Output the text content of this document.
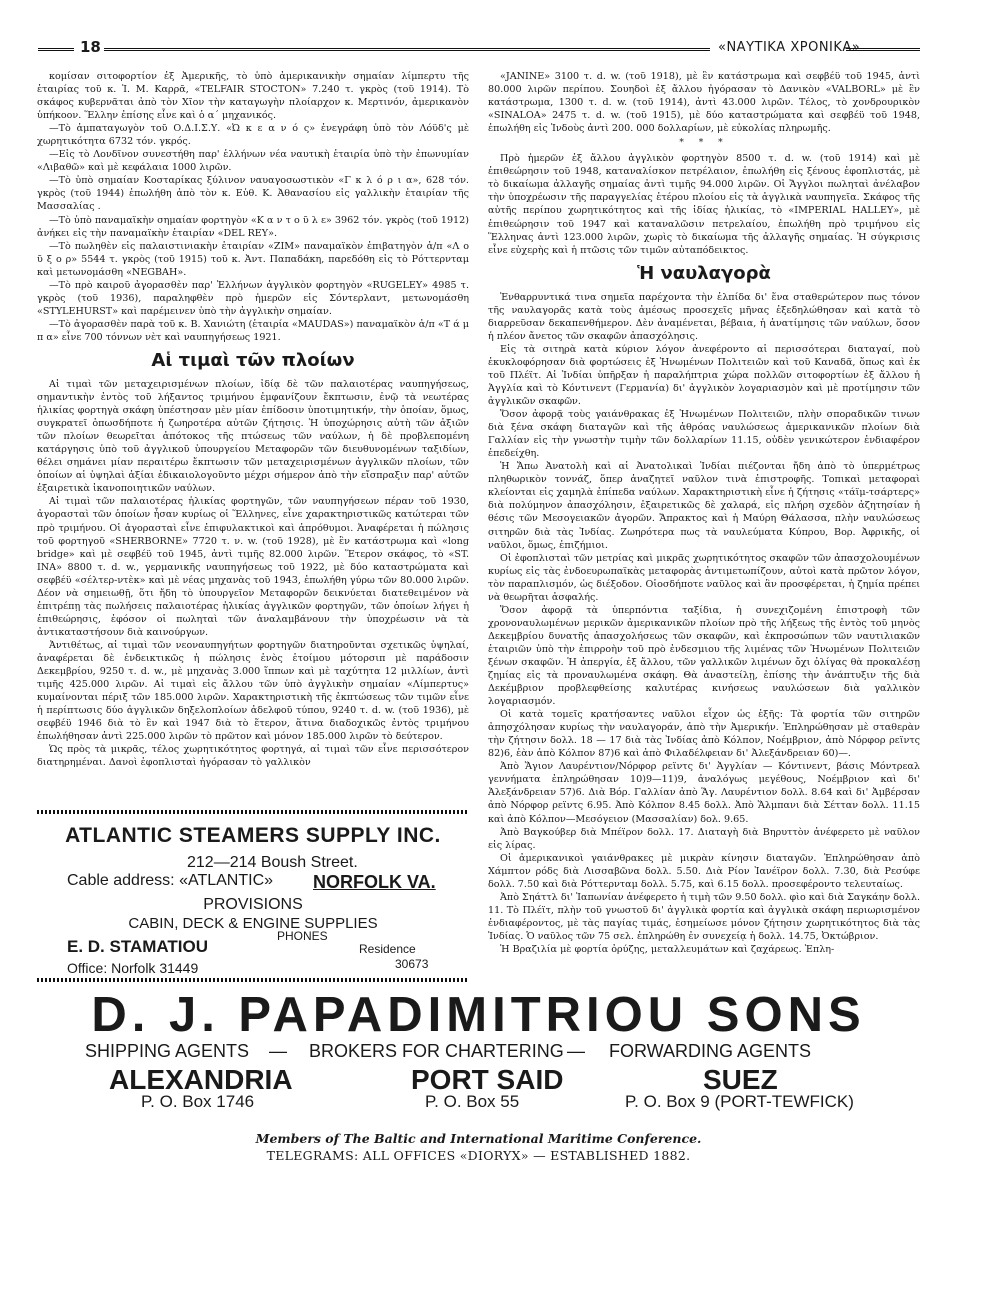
18	«ΝΑΥΤΙΚΑ ΧΡΟΝΙΚΑ»

κομίσαν σιτοφορτίον ἐξ Ἀμερικῆς, τὸ ὑπὸ ἀμερικανικὴν σημαίαν λίμπερτυ τῆς ἑταιρίας τοῦ κ. Ἰ. Μ. Καρρᾶ, «TELFAIR STOCTON» 7.240 τ. γκρὸς (τοῦ 1914). Τὸ σκάφος κυβερνᾶται ἀπὸ τὸν Χῖον τὴν καταγωγὴν πλοίαρχον κ. Μερτινόν, ἀμερικανὸν ὑπήκοον. Ἕλλην ἐπίσης εἶνε καὶ ὁ α΄ μηχανικός.

—Τὸ ἀμπαταγωγὸν τοῦ Ο.Δ.Ι.Σ.Υ. «Ὠ κ ε α ν ό ς» ἐνεγράφη ὑπὸ τὸν Λόϋδ'ς μὲ χωρητικότητα 6732 τόν. γκρός.

—Εἰς τὸ Λονδῖνον συνεστήθη παρ' ἑλλήνων νέα ναυτικὴ ἑταιρία ὑπὸ τὴν ἐπωνυμίαν «Λιβαθῶ» καὶ μὲ κεφάλαια 1000 λιρῶν.

—Τὸ ὑπὸ σημαίαν Κοσταρίκας ξύλινον ναυαγοσωστικὸν «Γ κ λ ό ρ ι α», 628 τόν. γκρὸς (τοῦ 1944) ἐπωλήθη ἀπὸ τὸν κ. Εὐθ. Κ. Ἀθανασίου εἰς γαλλικὴν ἑταιρίαν τῆς Μασσαλίας .

—Τὸ ὑπὸ παναμαϊκὴν σημαίαν φορτηγὸν «Κ α ν τ ο ῦ λ ε» 3962 τόν. γκρὸς (τοῦ 1912) ἀνήκει εἰς τὴν παναμαϊκὴν ἑταιρίαν «DEL REY».

—Τὸ πωληθὲν εἰς παλαιστινιακὴν ἑταιρίαν «ZIM» παναμαϊκὸν ἐπιβατηγὸν ἀ/π «Λ ο ῦ ξ ο ρ» 5544 τ. γκρὸς (τοῦ 1915) τοῦ κ. Ἀντ. Παπαδάκη, παρεδόθη εἰς τὸ Ρόττερνταμ καὶ μετωνομάσθη «NEGBAH».

—Τὸ πρὸ καιροῦ ἀγορασθὲν παρ' Ἑλλήνων ἀγγλικὸν φορτηγὸν «RUGELEY» 4985 τ. γκρὸς (τοῦ 1936), παραληφθὲν πρὸ ἡμερῶν εἰς Σόντερλαντ, μετωνομάσθη «STYLEHURST» καὶ παρέμεινεν ὑπὸ τὴν ἀγγλικὴν σημαίαν.

—Τὸ ἀγορασθὲν παρὰ τοῦ κ. Β. Χανιώτη (ἑταιρία «MAUDAS») παναμαϊκὸν ἀ/π «Τ ά μ π α» εἶνε 700 τόννων νὲτ καὶ ναυπηγήσεως 1921.

Αἱ τιμαὶ τῶν πλοίων

Αἱ τιμαὶ τῶν μεταχειρισμένων πλοίων, ἰδίᾳ δὲ τῶν παλαιοτέρας ναυπηγήσεως, σημαντικὴν ἐντὸς τοῦ λήξαντος τριμήνου ἐμφανίζουν ἔκπτωσιν, ἐνῷ τὰ νεωτέρας ἡλικίας φορτηγὰ σκάφη ὑπέστησαν μὲν μίαν ἐπίδοσιν ὑποτιμητικήν, τὴν ὁποίαν, ὅμως, συγκρατεῖ ὁπωσδήποτε ἡ ζωηροτέρα αὐτῶν ζήτησις. Ἡ ὑποχώρησις αὐτὴ τῶν ἀξιῶν τῶν πλοίων θεωρεῖται ἀπότοκος τῆς πτώσεως τῶν ναύλων, ἡ δὲ προβλεπομένη κατάργησις ὑπὸ τοῦ ἀγγλικοῦ ὑπουργείου Μεταφορῶν τῶν διευθυνομένων ταξιδίων, θέλει σημάνει μίαν περαιτέρω ἔκπτωσιν τῶν μεταχειρισμένων ἀγγλικῶν πλοίων, τῶν ὁποίων αἱ ὑψηλαὶ ἀξίαι ἐδικαιολογοῦντο μέχρι σήμερον ἀπὸ τὴν εἴσπραξιν παρ' αὐτῶν ἐξαιρετικὰ ἱκανοποιητικῶν ναύλων.

Αἱ τιμαὶ τῶν παλαιοτέρας ἡλικίας φορτηγῶν, τῶν ναυπηγήσεων πέραν τοῦ 1930, ἀγορασταὶ τῶν ὁποίων ἦσαν κυρίως οἱ Ἕλληνες, εἶνε χαρακτηριστικῶς κατώτεραι τῶν πρὸ τριμήνου. Οἱ ἀγορασταὶ εἶνε ἐπιφυλακτικοὶ καὶ ἀπρόθυμοι. Ἀναφέρεται ἡ πώλησις τοῦ φορτηγοῦ «SHERBORNE» 7720 τ. ν. w. (τοῦ 1928), μὲ ἓν κατάστρωμα καὶ «long bridge» καὶ μὲ σεφβέϋ τοῦ 1945, ἀντὶ τιμῆς 82.000 λιρῶν. Ἕτερον σκάφος, τὸ «ST. INA» 8800 τ. d. w., γερμανικῆς ναυπηγήσεως τοῦ 1922, μὲ δύο καταστρώματα καὶ σεφβέϋ «σέλτερ-ντὲκ» καὶ μὲ νέας μηχανὰς τοῦ 1943, ἐπωλήθη γύρω τῶν 80.000 λιρῶν. Δέον νὰ σημειωθῇ, ὅτι ἤδη τὸ ὑπουργεῖον Μεταφορῶν δεικνύεται διατεθειμένον νὰ ἐπιτρέπῃ τὰς πωλήσεις παλαιοτέρας ἡλικίας ἀγγλικῶν φορτηγῶν, τῶν ὁποίων λήγει ἡ ἐπιθεώρησις, ἐφόσον οἱ πωληταὶ τῶν ἀναλαμβάνουν τὴν ὑποχρέωσιν νὰ τὰ ἀντικαταστήσουν διὰ καινούργων.

Ἀντιθέτως, αἱ τιμαὶ τῶν νεοναυπηγήτων φορτηγῶν διατηροῦνται σχετικῶς ὑψηλαί, ἀναφέρεται δὲ ἐνδεικτικῶς ἡ πώλησις ἑνὸς ἑτοίμου μότορσιπ μὲ παράδοσιν Δεκεμβρίου, 9250 τ. d. w., μὲ μηχανὰς 3.000 ἵππων καὶ μὲ ταχύτητα 12 μιλλίων, ἀντὶ τιμῆς 425.000 λιρῶν. Αἱ τιμαὶ εἰς ἄλλου τῶν ὑπὸ ἀγγλικὴν σημαίαν «Λίμπερτυς» κυμαίνονται πέριξ τῶν 185.000 λιρῶν. Χαρακτηριστικὴ τῆς ἐκπτώσεως τῶν τιμῶν εἶνε ἡ περίπτωσις δύο ἀγγλικῶν δηξελοπλοίων ἀδελφοῦ τύπου, 9240 τ. d. w. (τοῦ 1936), μὲ σεφβέϋ 1946 διὰ τὸ ἓν καὶ 1947 διὰ τὸ ἕτερον, ἅτινα διαδοχικῶς ἐντὸς τριμήνου ἐπωλήθησαν ἀντὶ 225.000 λιρῶν τὸ πρῶτον καὶ μόνον 185.000 λιρῶν τὸ δεύτερον.

Ὡς πρὸς τὰ μικρᾶς, τέλος χωρητικότητος φορτηγά, αἱ τιμαὶ τῶν εἶνε περισσότερον διατηρημέναι. Δανοὶ ἐφοπλισταὶ ἠγόρασαν τὸ γαλλικὸν

«JANINE» 3100 τ. d. w. (τοῦ 1918), μὲ ἓν κατάστρωμα καὶ σεφβέϋ τοῦ 1945, ἀντὶ 80.000 λιρῶν περίπου. Σουηδοὶ ἐξ ἄλλου ἠγόρασαν τὸ Δανικὸν «VALBORL» μὲ ἓν κατάστρωμα, 1300 τ. d. w. (τοῦ 1914), ἀντὶ 43.000 λιρῶν. Τέλος, τὸ χονδρουρικὸν «SINALOA» 2475 τ. d. w. (τοῦ 1915), μὲ δύο καταστρώματα καὶ σεφβέϋ τοῦ 1948, ἐπωλήθη εἰς Ἰνδοὺς ἀντὶ 200. 000 δολλαρίων, μὲ εὐκολίας πληρωμῆς.

* * *

Πρὸ ἡμερῶν ἐξ ἄλλου ἀγγλικὸν φορτηγὸν 8500 τ. d. w. (τοῦ 1914) καὶ μὲ ἐπιθεώρησιν τοῦ 1948, καταναλίσκον πετρέλαιον, ἐπωλήθη εἰς ξένους ἐφοπλιστάς, μὲ τὸ δικαίωμα ἀλλαγῆς σημαίας ἀντὶ τιμῆς 94.000 λιρῶν. Οἱ Ἄγγλοι πωληταὶ ἀνέλαβον τὴν ὑποχρέωσιν τῆς παραγγελίας ἑτέρου πλοίου εἰς τὰ ἀγγλικὰ ναυπηγεῖα. Σκάφος τῆς αὐτῆς περίπου χωρητικότητος καὶ τῆς ἰδίας ἡλικίας, τὸ «IMPERIAL HALLEY», μὲ ἐπιθεώρησιν τοῦ 1947 καὶ καταναλῶσιν πετρελαίου, ἐπωλήθη πρὸ τριμήνου εἰς Ἕλληνας ἀντὶ 123.000 λιρῶν, χωρὶς τὸ δικαίωμα τῆς ἀλλαγῆς σημαίας. Ἡ σύγκρισις εἶνε εὐχερὴς καὶ ἡ πτῶσις τῶν τιμῶν αὐταπόδεικτος.

Ἡ ναυλαγορὰ

Ἐνθαρρυντικά τινα σημεῖα παρέχοντα τὴν ἐλπίδα δι' ἕνα σταθερώτερον πως τόνον τῆς ναυλαγορᾶς κατὰ τοὺς ἀμέσως προσεχεῖς μῆνας ἐξεδηλώθησαν καὶ κατὰ τὸ διαρρεῦσαν δεκαπενθήμερον. Δὲν ἀναμένεται, βέβαια, ἡ ἀνατίμησις τῶν ναύλων, ὅσον ἡ πλέον ἄνετος τῶν σκαφῶν ἀπασχόλησις.

Εἰς τὰ σιτηρὰ κατὰ κύριον λόγον ἀνεφέροντο αἱ περισσότεραι διαταγαί, ποὺ ἐκυκλοφόρησαν διὰ φορτώσεις ἐξ Ἡνωμένων Πολιτειῶν καὶ τοῦ Καναδᾶ, ὅπως καὶ ἐκ τοῦ Πλέϊτ. Αἱ Ἰνδίαι ὑπῆρξαν ἡ παραλήπτρια χώρα πολλῶν σιτοφορτίων ἐξ ἄλλου ἡ Ἀγγλία καὶ τὸ Κόντινεντ (Γερμανία) δι' ἀγγλικὸν λογαριασμὸν καὶ μὲ προτίμησιν τῶν ἀγγλικῶν σκαφῶν.

Ὅσον ἀφορᾷ τοὺς γαιάνθρακας ἐξ Ἡνωμένων Πολιτειῶν, πλὴν σποραδικῶν τινων διὰ ξένα σκάφη διαταγῶν καὶ τῆς ἀθρόας ναυλώσεως ἀμερικανικῶν πλοίων διὰ Γαλλίαν εἰς τὴν γνωστὴν τιμὴν τῶν δολλαρίων 11.15, οὐδὲν γενικώτερον ἐνδιαφέρον ἐπεδείχθη.

Ἡ Ἄπω Ἀνατολὴ καὶ αἱ Ἀνατολικαὶ Ἰνδίαι πιέζονται ἤδη ἀπὸ τὸ ὑπερμέτρως πληθωρικὸν τοννάζ, ὅπερ ἀναζητεῖ ναῦλον τινὰ ἐπιστροφῆς. Τοπικαὶ μεταφοραὶ κλείονται εἰς χαμηλὰ ἐπίπεδα ναύλων. Χαρακτηριστικὴ εἶνε ἡ ζήτησις «τάϊμ-τσάρτερς» διὰ πολύμηνον ἀπασχόλησιν, ἐξαιρετικῶς δὲ χαλαρά, εἰς πλήρη σχεδὸν ἀζητησίαν ἡ θέσις τῶν Μεσογειακῶν ἀγορῶν. Ἄπρακτος καὶ ἡ Μαύρη Θάλασσα, πλὴν ναυλώσεως σιτηρῶν διὰ τὰς Ἰνδίας. Ζωηρότερα πως τὰ ναυλεύματα Κύπρου, Βορ. Ἀφρικῆς, οἱ ναῦλοι, ὅμως, ἐπιζήμιοι.

Οἱ ἐφοπλισταὶ τῶν μετρίας καὶ μικρᾶς χωρητικότητος σκαφῶν τῶν ἀπασχολουμένων κυρίως εἰς τὰς ἐνδοευρωπαϊκὰς μεταφορὰς ἀντιμετωπίζουν, αὐτοὶ κατὰ πρῶτον λόγον, τὸν παραπλισμόν, ὡς διέξοδον. Οἱοσδήποτε ναῦλος καὶ ἂν προσφέρεται, ἡ ζημία πρέπει νὰ θεωρῆται ἀσφαλής.

Ὅσον ἀφορᾷ τὰ ὑπερπόντια ταξίδια, ἡ συνεχιζομένη ἐπιστροφὴ τῶν χρονοναυλωμένων μερικῶν ἀμερικανικῶν πλοίων πρὸ τῆς λήξεως τῆς ἐντὸς τοῦ μηνὸς Δεκεμβρίου δυνατῆς ἀπασχολήσεως τῶν σκαφῶν, καὶ ἐκπροσώπων τῶν ναυτιλιακῶν ἐταιριῶν ὑπὸ τὴν ἐπιρροὴν τοῦ πρὸ ἐνδεσμιου τῆς λιμένας τῶν Ἡνωμένων Πολιτειῶν ξένων σκαφῶν. Ἡ ἀπεργία, ἐξ ἄλλου, τῶν γαλλικῶν λιμένων ὄχι ὀλίγας θὰ προκαλέσῃ ζημίας εἰς τὰ προναυλωμένα σκάφη. Θὰ ἀναστείλῃ, ἐπίσης τὴν ἀνάπτυξιν τῆς διὰ Δεκέμβριον προβλεφθείσης καλυτέρας κινήσεως ναυλώσεων διὰ γαλλικὸν λογαριασμόν.

Οἱ κατὰ τομεῖς κρατήσαντες ναῦλοι εἶχον ὡς ἑξῆς: Τὰ φορτία τῶν σιτηρῶν ἀπησχόλησαν κυρίως τὴν ναυλαγοράν, ἀπὸ τὴν Ἀμερικήν. Ἐπληρώθησαν μὲ σταθερὰν τὴν ζήτησιν δολλ. 18 — 17 διὰ τὰς Ἰνδίας ἀπὸ Κόλπον, Νοέμβριον, ἀπὸ Νόρφορ ρεϊντς 82)6, ἐὰν ἀπὸ Κόλπον 87)6 καὶ ἀπὸ Φιλαδέλφειαν δι' Ἀλεξάνδρειαν 60)—.

Ἀπὸ Ἅγιον Λαυρέντιον/Νόρφορ ρεϊντς δι' Ἀγγλίαν — Κόντινεντ, βάσις Μόντρεαλ γεννήματα ἐπληρώθησαν 10)9—11)9, ἀναλόγως μεγέθους, Νοέμβριον καὶ δι' Ἀλεξάνδρειαν 57)6. Διὰ Βόρ. Γαλλίαν ἀπὸ Ἅγ. Λαυρέντιον δολλ. 8.64 καὶ δι' Ἀμβέρσαν ἀπὸ Νόρφορ ρεϊντς 6.95. Ἀπὸ Κόλπον 8.45 δολλ. Ἀπὸ Ἅλμπανι διὰ Σέτταν δολλ. 11.15 καὶ ἀπὸ Κόλπον—Μεσόγειον (Μασσαλίαν) δολ. 9.65.

Ἀπὸ Βαγκούβερ διὰ Μπέϊρον δολλ. 17. Διαταγὴ διὰ Βηρυττὸν ἀνέφερετο μὲ ναῦλον εἰς λίρας.

Οἱ ἀμερικανικοὶ γαιάνθρακες μὲ μικρὰν κίνησιν διαταγῶν. Ἐπληρώθησαν ἀπὸ Χάμπτον ρόδς διὰ Λισσαβῶνα δολλ. 5.50. Διὰ Ρίον Ἰανέϊρον δολλ. 7.30, διὰ Ρεσύφε δολλ. 7.50 καὶ διὰ Ρόττερνταμ δολλ. 5.75, καὶ 6.15 δολλ. προσεφέροντο τελευταίως.

Ἀπὸ Σηάττλ δι' Ἰαπωνίαν ἀνέφερετο ἡ τιμὴ τῶν 9.50 δολλ. φὶο καὶ διὰ Σαγκάην δολλ. 11. Τὸ Πλέϊτ, πλὴν τοῦ γνωστοῦ δι' ἀγγλικὰ φορτία καὶ ἀγγλικὰ σκάφη περιωρισμένον ἐνδιαφέροντος, μὲ τὰς παγίας τιμάς, ἐσημείωσε μόνον ζήτησιν χωρητικότητος διὰ τὰς Ἰνδίας. Ὁ ναῦλος τῶν 75 σελ. ἐπληρώθη ἐν συνεχείᾳ ἡ δολλ. 14.75, Ὀκτώβριον.

Ἡ Βραζιλία μὲ φορτία ὀρύζης, μεταλλευμάτων καὶ ζαχάρεως. Ἐπλη-

ATLANTIC STEAMERS SUPPLY INC.
212—214 Boush Street.
Cable address: «ATLANTIC» NORFOLK VA.
PROVISIONS
CABIN, DECK & ENGINE SUPPLIES
E. D. STAMATIOU
PHONES
Residence
30673
Office: Norfolk 31449
D. J. PAPADIMITRIOU SONS
SHIPPING AGENTS — BROKERS FOR CHARTERING — FORWARDING AGENTS
ALEXANDRIA	PORT SAID	SUEZ
P. O. Box 1746	P. O. Box 55	P. O. Box 9 (PORT-TEWFICK)
Members of The Baltic and International Maritime Conference.
TELEGRAMS: ALL OFFICES «DIORYX» — ESTABLISHED 1882.
